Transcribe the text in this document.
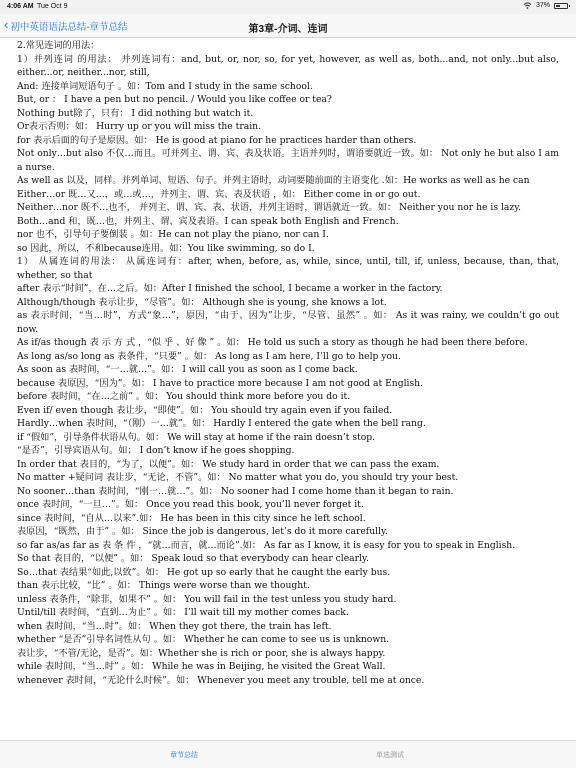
4:06 AM Tue Oct 9	37%
‹ 初中英语语法总结-章节总结	第3章-介词、连词

2.常见连词的用法：

1）并列连词 的用法： 并列连词有：and, but, or, nor, so, for yet, however, as well as, both...and, not only...but also, either...or, neither...nor, still,

And: 连接单词短语句子 。如：Tom and I study in the same school.

But, or ： I have a pen but no pencil. / Would you like coffee or tea?

Nothing but除了，只有： I did nothing but watch it.

Or表示否则：如： Hurry up or you will miss the train.

for 表示后面的句子是原因。如： He is good at piano for he practices harder than others.

Not only…but also 不仅…而且。可并列主、谓、宾、表及状语。主语并列时，谓语要就近一致。如： Not only he but also I am a nurse.

As well as 以及，同样。并列单词、短语、句子。并列主语时，动词要随前面的主语变化 .如：He works as well as he can

Either…or 既…又…，或…或…，并列主、谓、宾、表及状语 ，如： Either come in or go out.

Neither…nor 既不…也不， 并列主、谓、宾、表、状语，并列主语时，谓语就近一致。如： Neither you nor he is lazy.

Both…and 和，既…也，并列主、谓、宾及表语。I can speak both English and French.

nor 也不，引导句子要倒装 。如：He can not play the piano, nor can I.

so 因此，所以，不和because连用。如：You like swimming, so do I.

1） 从属连词的用法： 从属连词有：after, when, before, as, while, since, until, till, if, unless, because, than, that, whether, so that

after 表示“时间”，在…之后。如：After I finished the school, I became a worker in the factory.

Although/though 表示让步，“尽管”。如： Although she is young, she knows a lot.

as 表示时间，“当…时”，方式“象…”，原因，“由于、因为”让步，“尽管、虽然” 。如： As it was rainy, we couldn’t go out now.

As if/as though 表 示 方 式 ，“似 乎 、好 像 ” 。如： He told us such a story as though he had been there before.

As long as/so long as 表条件，“只要” 。如： As long as I am here, I’ll go to help you.

As soon as 表时间，“一…就…”。如： I will call you as soon as I come back.

because 表原因，“因为”。如： I have to practice more because I am not good at English.

before 表时间，“在…之前” 。如： You should think more before you do it.

Even if/ even though 表让步，“即使”。如： You should try again even if you failed.

Hardly…when 表时间，“（刚）一…就”。如： Hardly I entered the gate when the bell rang.

if “假如”，引导条件状语从句。如： We will stay at home if the rain doesn’t stop.

“是否”，引导宾语从句。如； I don’t know if he goes shopping.

In order that 表目的，“为了，以便”。如： We study hard in order that we can pass the exam.

No matter +疑问词 表让步，“无论，不管”。如： No matter what you do, you should try your best.

No sooner…than 表时间，“刚一…就…”。如： No sooner had I come home than it began to rain.

once 表时间，“一旦…”。如： Once you read this book, you’ll never forget it.

since 表时间，“自从…以来”.如： He has been in this city since he left school.

表原因，“既然，由于” 。如： Since the job is dangerous, let’s do it more carefully.

so far as/as far as 表 条 件 ，“就…而言，就…而论”.如： As far as I know, it is easy for you to speak in English.

So that 表目的，“以便” 。如： Speak loud so that everybody can hear clearly.

So…that 表结果“如此,以致”。如： He got up so early that he caught the early bus.

than 表示比较，“比” 。如： Things were worse than we thought.

unless 表条件，“除非，如果不” 。如： You will fail in the test unless you study hard.

Until/till 表时间，“直到…为止” 。如： I’ll wait till my mother comes back.

when 表时间，“当…时”。如： When they got there, the train has left.

whether “是否”引导名词性从句 。如： Whether he can come to see us is unknown.

表让步，“不管/无论，是否”。如：Whether she is rich or poor, she is always happy.

while 表时间，“当…时” 。如： While he was in Beijing, he visited the Great Wall.

whenever 表时间，“无论什么时候”。如： Whenever you meet any trouble, tell me at once.

章节总结	单选测试
